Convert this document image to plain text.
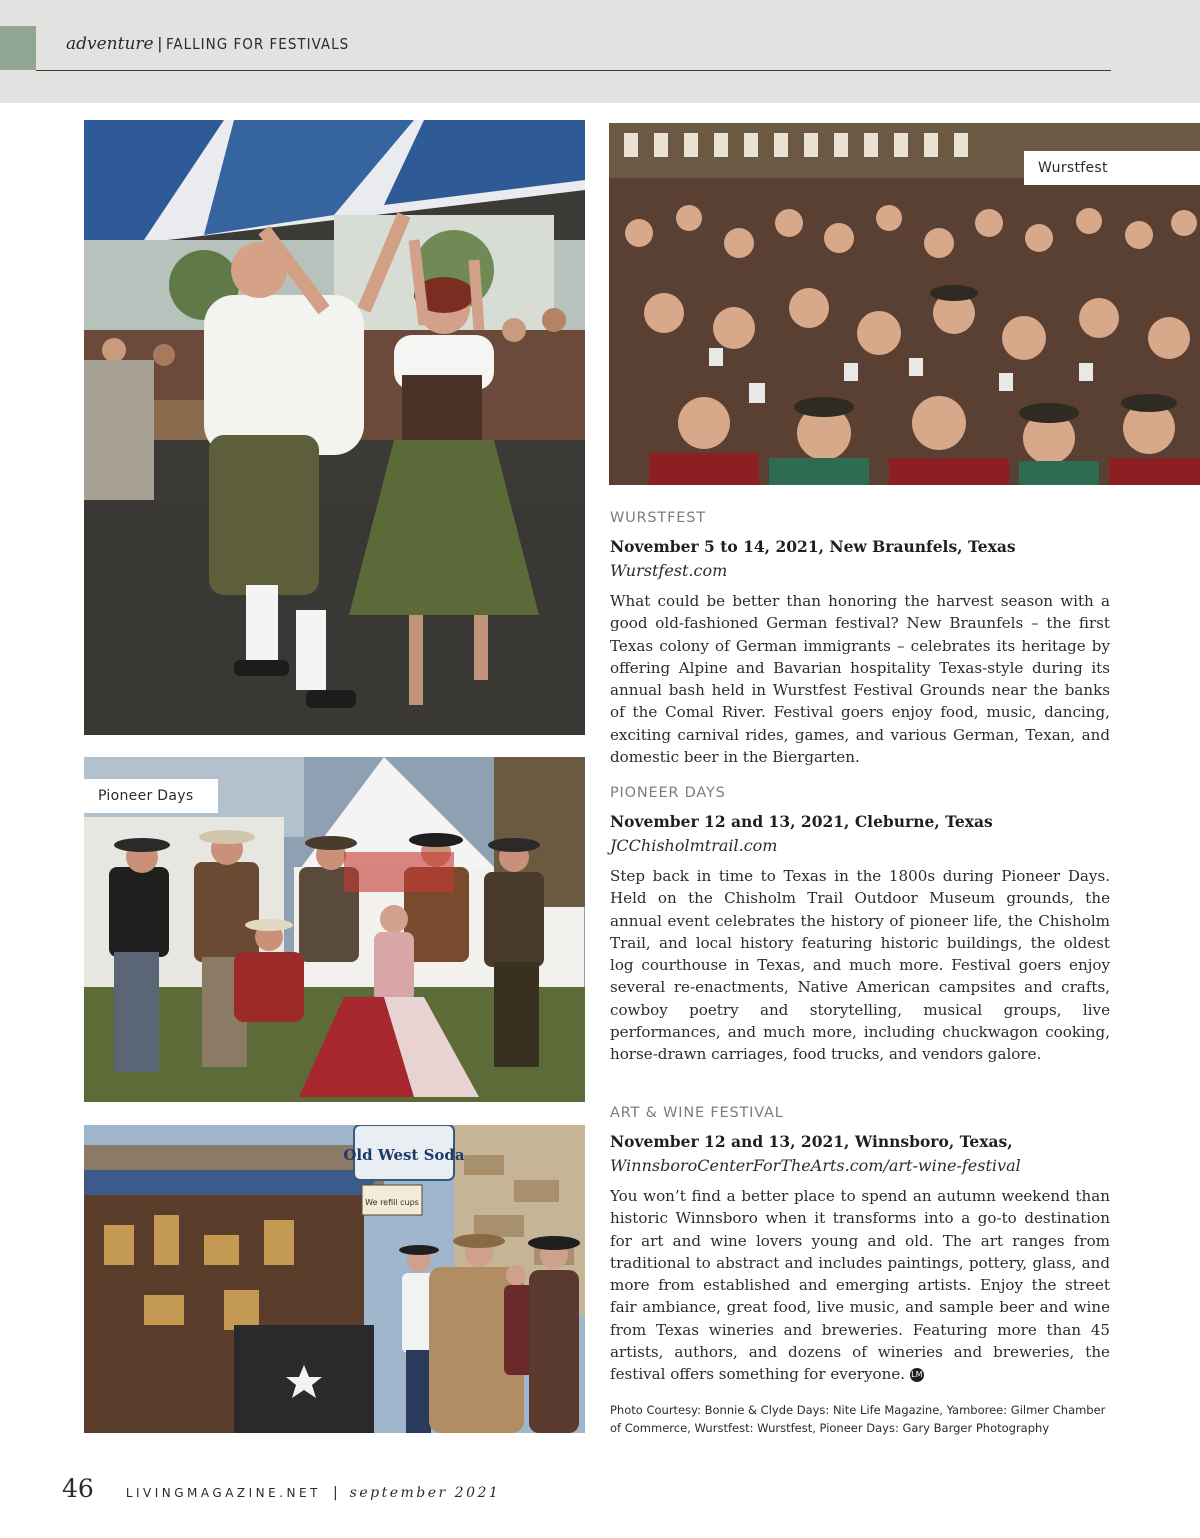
adventure | FALLING FOR FESTIVALS
Wurstfest
Pioneer Days
Old West Soda
We refill cups
WURSTFEST
November 5 to 14, 2021, New Braunfels, Texas
Wurstfest.com
What could be better than honoring the harvest season with a good old-fashioned German festival? New Braunfels – the first Texas colony of German immigrants – celebrates its heritage by offering Alpine and Bavarian hospitality Texas-style during its annual bash held in Wurstfest Festival Grounds near the banks of the Comal River. Festival goers enjoy food, music, dancing, exciting carnival rides, games, and various German, Texan, and domestic beer in the Biergarten.
PIONEER DAYS
November 12 and 13, 2021, Cleburne, Texas
JCChisholmtrail.com
Step back in time to Texas in the 1800s during Pioneer Days. Held on the Chisholm Trail Outdoor Museum grounds, the annual event celebrates the history of pioneer life, the Chisholm Trail, and local history featuring historic buildings, the oldest log courthouse in Texas, and much more. Festival goers enjoy several re-enactments, Native American campsites and crafts, cowboy poetry and storytelling, musical groups, live performances, and much more, including chuckwagon cooking, horse-drawn carriages, food trucks, and vendors galore.
ART & WINE FESTIVAL
November 12 and 13, 2021, Winnsboro, Texas,
WinnsboroCenterForTheArts.com/art-wine-festival
You won’t find a better place to spend an autumn weekend than historic Winnsboro when it transforms into a go-to destination for art and wine lovers young and old. The art ranges from traditional to abstract and includes paintings, pottery, glass, and more from established and emerging artists. Enjoy the street fair ambiance, great food, live music, and sample beer and wine from Texas wineries and breweries. Featuring more than 45 artists, authors, and dozens of wineries and breweries, the festival offers something for everyone. LM
Photo Courtesy: Bonnie & Clyde Days: Nite Life Magazine, Yamboree: Gilmer Chamber of Commerce, Wurstfest: Wurstfest, Pioneer Days: Gary Barger Photography
46	LIVINGMAGAZINE.NET | september 2021
